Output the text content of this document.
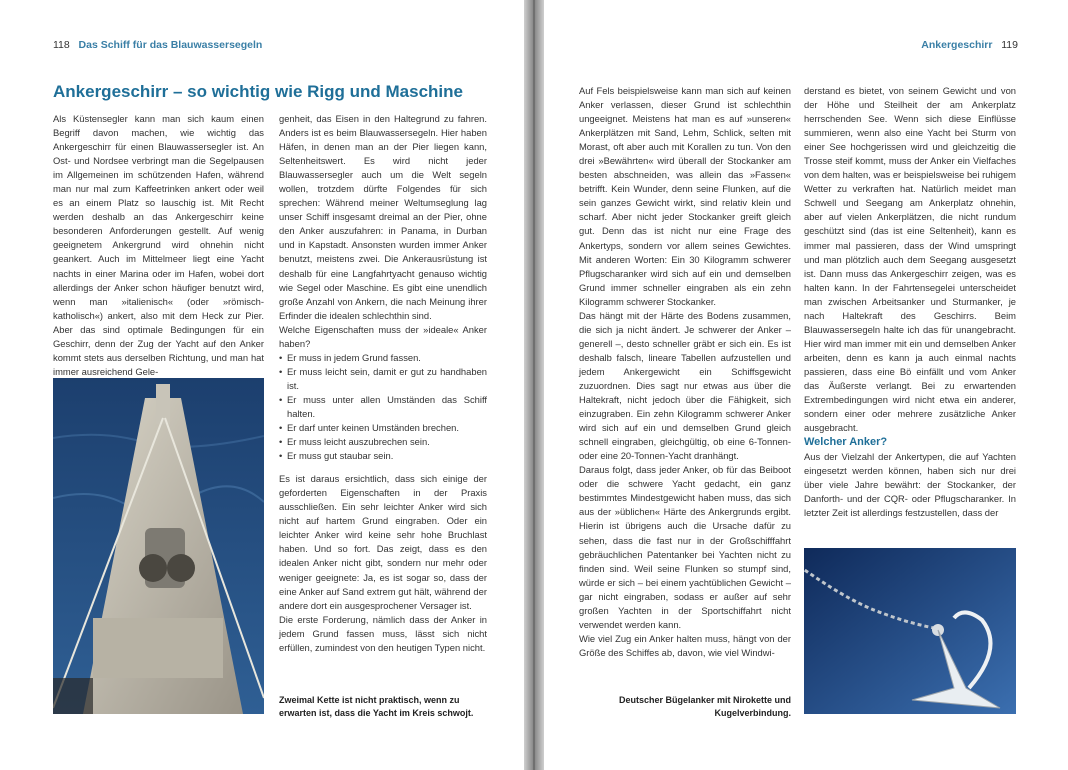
118 Das Schiff für das Blauwassersegeln
Ankergeschirr – so wichtig wie Rigg und Maschine

Als Küstensegler kann man sich kaum einen Begriff davon machen, wie wichtig das Ankergeschirr für einen Blauwassersegler ist. An Ost- und Nordsee verbringt man die Segelpausen im Allgemeinen im schützenden Hafen, während man nur mal zum Kaffeetrinken ankert oder weil es an einem Platz so lauschig ist. Mit Recht werden deshalb an das Ankergeschirr keine besonderen Anforderungen gestellt. Auf wenig geeignetem Ankergrund wird ohnehin nicht geankert. Auch im Mittelmeer liegt eine Yacht nachts in einer Marina oder im Hafen, wobei dort allerdings der Anker schon häufiger benutzt wird, wenn man »italienisch« (oder »römisch-katholisch«) ankert, also mit dem Heck zur Pier. Aber das sind optimale Bedingungen für ein Geschirr, denn der Zug der Yacht auf den Anker kommt stets aus derselben Richtung, und man hat immer ausreichend Gele-

genheit, das Eisen in den Haltegrund zu fahren. Anders ist es beim Blauwassersegeln. Hier haben Häfen, in denen man an der Pier liegen kann, Seltenheitswert. Es wird nicht jeder Blauwassersegler auch um die Welt segeln wollen, trotzdem dürfte Folgendes für sich sprechen: Während meiner Weltumseglung lag unser Schiff insgesamt dreimal an der Pier, ohne den Anker auszufahren: in Panama, in Durban und in Kapstadt. Ansonsten wurden immer Anker benutzt, meistens zwei. Die Ankerausrüstung ist deshalb für eine Langfahrtyacht genauso wichtig wie Segel oder Maschine. Es gibt eine unendlich große Anzahl von Ankern, die nach Meinung ihrer Erfinder die idealen schlechthin sind.

Welche Eigenschaften muss der »ideale« Anker haben?

• Er muss in jedem Grund fassen.
• Er muss leicht sein, damit er gut zu handhaben ist.
• Er muss unter allen Umständen das Schiff halten.
• Er darf unter keinen Umständen brechen.
• Er muss leicht auszubrechen sein.
• Er muss gut staubar sein.

Es ist daraus ersichtlich, dass sich einige der geforderten Eigenschaften in der Praxis ausschließen. Ein sehr leichter Anker wird sich nicht auf hartem Grund eingraben. Oder ein leichter Anker wird keine sehr hohe Bruchlast haben. Und so fort. Das zeigt, dass es den idealen Anker nicht gibt, sondern nur mehr oder weniger geeignete: Ja, es ist sogar so, dass der eine Anker auf Sand extrem gut hält, während der andere dort ein ausgesprochener Versager ist.

Die erste Forderung, nämlich dass der Anker in jedem Grund fassen muss, lässt sich nicht erfüllen, zumindest von den heutigen Typen nicht.

Zweimal Kette ist nicht praktisch, wenn zu erwarten ist, dass die Yacht im Kreis schwojt.
Ankergeschirr 119

Auf Fels beispielsweise kann man sich auf keinen Anker verlassen, dieser Grund ist schlechthin ungeeignet. Meistens hat man es auf »unseren« Ankerplätzen mit Sand, Lehm, Schlick, selten mit Morast, oft aber auch mit Korallen zu tun. Von den drei »Bewährten« wird überall der Stockanker am besten abschneiden, was allein das »Fassen« betrifft. Kein Wunder, denn seine Flunken, auf die sein ganzes Gewicht wirkt, sind relativ klein und scharf. Aber nicht jeder Stockanker greift gleich gut. Denn das ist nicht nur eine Frage des Ankertyps, sondern vor allem seines Gewichtes. Mit anderen Worten: Ein 30 Kilogramm schwerer Pflugscharanker wird sich auf ein und demselben Grund immer schneller eingraben als ein zehn Kilogramm schwerer Stockanker.

Das hängt mit der Härte des Bodens zusammen, die sich ja nicht ändert. Je schwerer der Anker – generell –, desto schneller gräbt er sich ein. Es ist deshalb falsch, lineare Tabellen aufzustellen und jedem Ankergewicht ein Schiffsgewicht zuzuordnen. Dies sagt nur etwas aus über die Haltekraft, nicht jedoch über die Fähigkeit, sich einzugraben. Ein zehn Kilogramm schwerer Anker wird sich auf ein und demselben Grund gleich schnell eingraben, gleichgültig, ob eine 6-Tonnen- oder eine 20-Tonnen-Yacht dranhängt.

Daraus folgt, dass jeder Anker, ob für das Beiboot oder die schwere Yacht gedacht, ein ganz bestimmtes Mindestgewicht haben muss, das sich aus der »üblichen« Härte des Ankergrunds ergibt. Hierin ist übrigens auch die Ursache dafür zu sehen, dass die fast nur in der Großschifffahrt gebräuchlichen Patentanker bei Yachten nicht zu finden sind. Weil seine Flunken so stumpf sind, würde er sich – bei einem yachtüblichen Gewicht – gar nicht eingraben, sodass er außer auf sehr großen Yachten in der Sportschiffahrt nicht verwendet werden kann.

Wie viel Zug ein Anker halten muss, hängt von der Größe des Schiffes ab, davon, wie viel Windwi-

derstand es bietet, von seinem Gewicht und von der Höhe und Steilheit der am Ankerplatz herrschenden See. Wenn sich diese Einflüsse summieren, wenn also eine Yacht bei Sturm von einer See hochgerissen wird und gleichzeitig die Trosse steif kommt, muss der Anker ein Vielfaches von dem halten, was er beispielsweise bei ruhigem Wetter zu verkraften hat. Natürlich meidet man Schwell und Seegang am Ankerplatz ohnehin, aber auf vielen Ankerplätzen, die nicht rundum geschützt sind (das ist eine Seltenheit), kann es immer mal passieren, dass der Wind umspringt und man plötzlich auch dem Seegang ausgesetzt ist. Dann muss das Ankergeschirr zeigen, was es halten kann. In der Fahrtensegelei unterscheidet man zwischen Arbeitsanker und Sturmanker, je nach Haltekraft des Geschirrs. Beim Blauwassersegeln halte ich das für unangebracht. Hier wird man immer mit ein und demselben Anker arbeiten, denn es kann ja auch einmal nachts passieren, dass eine Bö einfällt und vom Anker das Äußerste verlangt. Bei zu erwartenden Extrembedingungen wird nicht etwa ein anderer, sondern einer oder mehrere zusätzliche Anker ausgebracht.

Welcher Anker?

Aus der Vielzahl der Ankertypen, die auf Yachten eingesetzt werden können, haben sich nur drei über viele Jahre bewährt: der Stockanker, der Danforth- und der CQR- oder Pflugscharanker. In letzter Zeit ist allerdings festzustellen, dass der

Deutscher Bügelanker mit Nirokette und Kugelverbindung.
